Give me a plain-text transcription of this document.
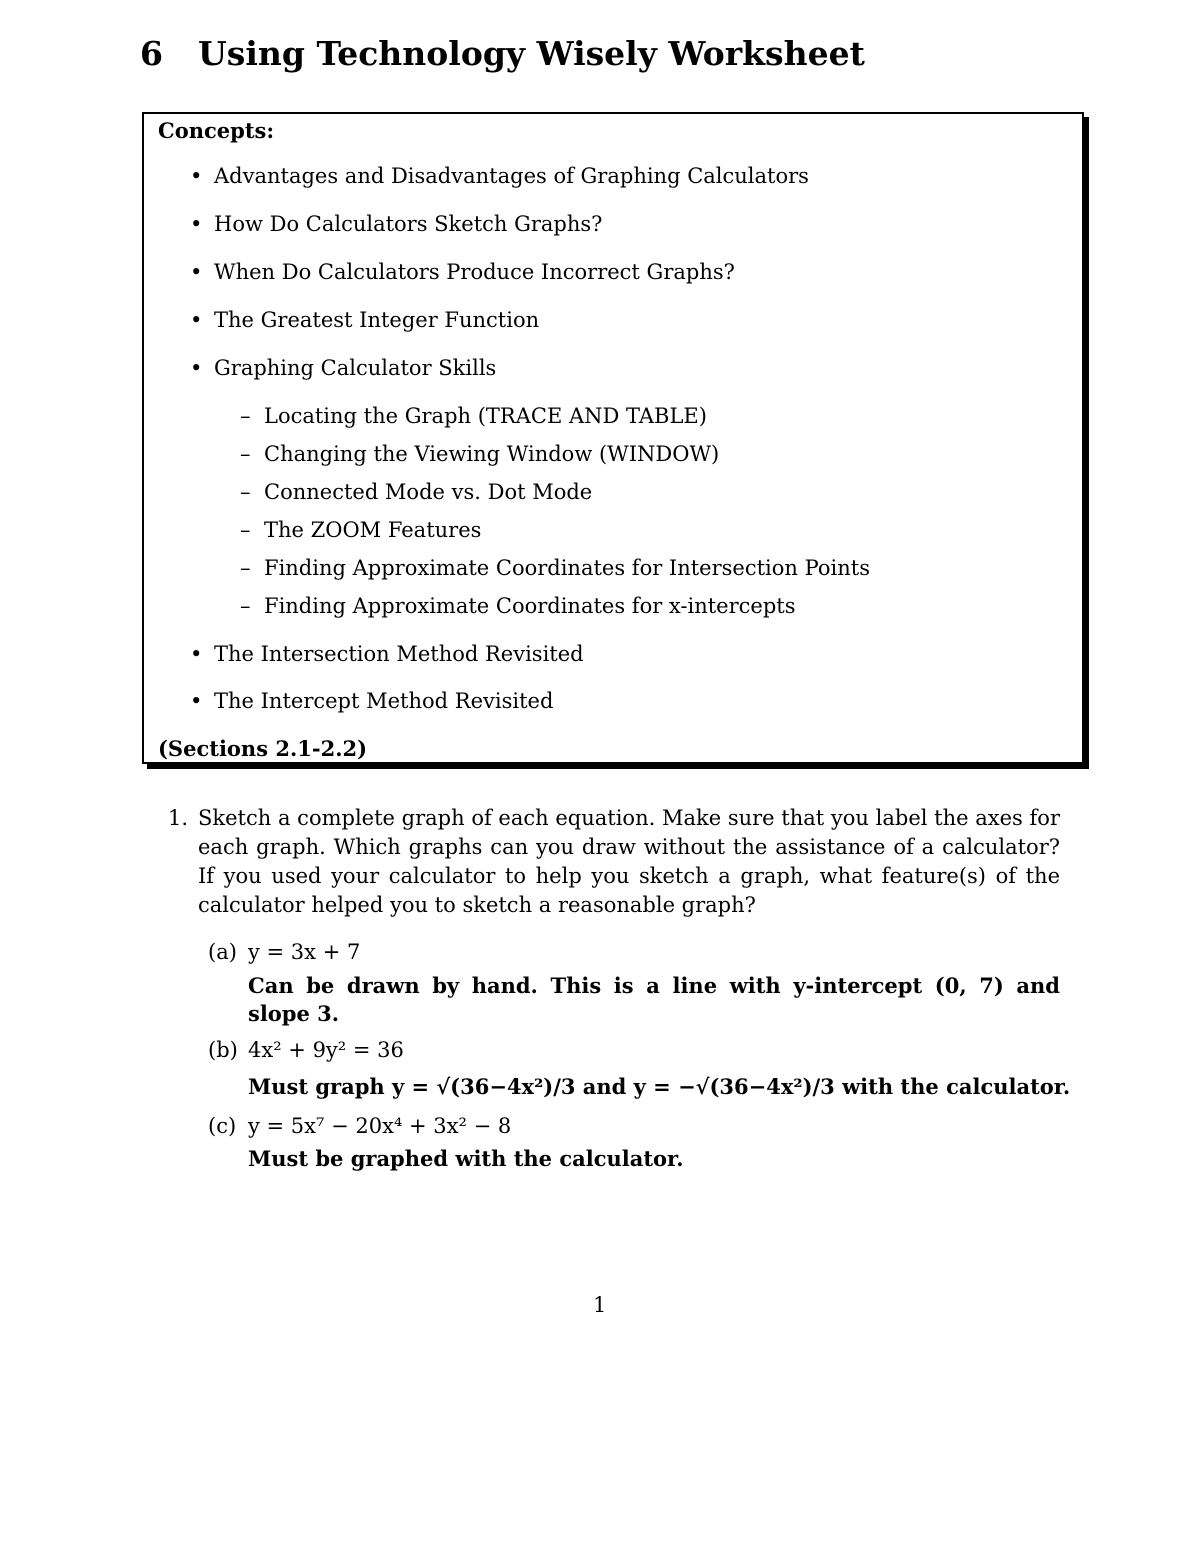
6 Using Technology Wisely Worksheet
Concepts:
• Advantages and Disadvantages of Graphing Calculators
• How Do Calculators Sketch Graphs?
• When Do Calculators Produce Incorrect Graphs?
• The Greatest Integer Function
• Graphing Calculator Skills
– Locating the Graph (TRACE AND TABLE)
– Changing the Viewing Window (WINDOW)
– Connected Mode vs. Dot Mode
– The ZOOM Features
– Finding Approximate Coordinates for Intersection Points
– Finding Approximate Coordinates for x-intercepts
• The Intersection Method Revisited
• The Intercept Method Revisited
(Sections 2.1-2.2)
1. Sketch a complete graph of each equation. Make sure that you label the axes for each graph. Which graphs can you draw without the assistance of a calculator? If you used your calculator to help you sketch a graph, what feature(s) of the calculator helped you to sketch a reasonable graph?
(a) y = 3x + 7
Can be drawn by hand. This is a line with y-intercept (0, 7) and slope 3.
(b) 4x² + 9y² = 36
Must graph y = √(36−4x²)/3 and y = −√(36−4x²)/3 with the calculator.
(c) y = 5x⁷ − 20x⁴ + 3x² − 8
Must be graphed with the calculator.
1
